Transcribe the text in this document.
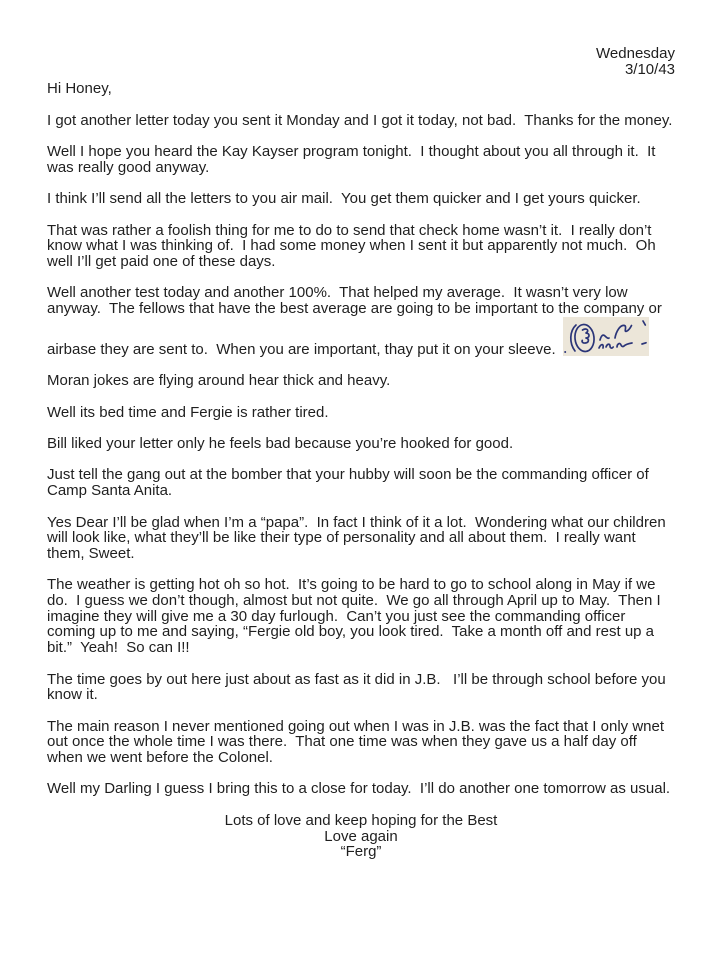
Wednesday
3/10/43

Hi Honey,

I got another letter today you sent it Monday and I got it today, not bad.  Thanks for the money.

Well I hope you heard the Kay Kayser program tonight.  I thought about you all through it.  It was really good anyway.

I think I’ll send all the letters to you air mail.  You get them quicker and I get yours quicker.

That was rather a foolish thing for me to do to send that check home wasn’t it.  I really don’t know what I was thinking of.  I had some money when I sent it but apparently not much.  Oh well I’ll get paid one of these days.

Well another test today and another 100%.  That helped my average.  It wasn’t very low anyway.  The fellows that have the best average are going to be important to the company or airbase they are sent to.  When you are important, thay put it on your sleeve.

Moran jokes are flying around hear thick and heavy.

Well its bed time and Fergie is rather tired.

Bill liked your letter only he feels bad because you’re hooked for good.

Just tell the gang out at the bomber that your hubby will soon be the commanding officer of Camp Santa Anita.

Yes Dear I’ll be glad when I’m a “papa”.  In fact I think of it a lot.  Wondering what our children will look like, what they’ll be like their type of personality and all about them.  I really want them, Sweet.

The weather is getting hot oh so hot.  It’s going to be hard to go to school along in May if we do.  I guess we don’t though, almost but not quite.  We go all through April up to May.  Then I imagine they will give me a 30 day furlough.  Can’t you just see the commanding officer coming up to me and saying, “Fergie old boy, you look tired.  Take a month off and rest up a bit.”  Yeah!  So can I!!

The time goes by out here just about as fast as it did in J.B.   I’ll be through school before you know it.

The main reason I never mentioned going out when I was in J.B. was the fact that I only wnet out once the whole time I was there.  That one time was when they gave us a half day off when we went before the Colonel.

Well my Darling I guess I bring this to a close for today.  I’ll do another one tomorrow as usual.

Lots of love and keep hoping for the Best
Love again
“Ferg”
